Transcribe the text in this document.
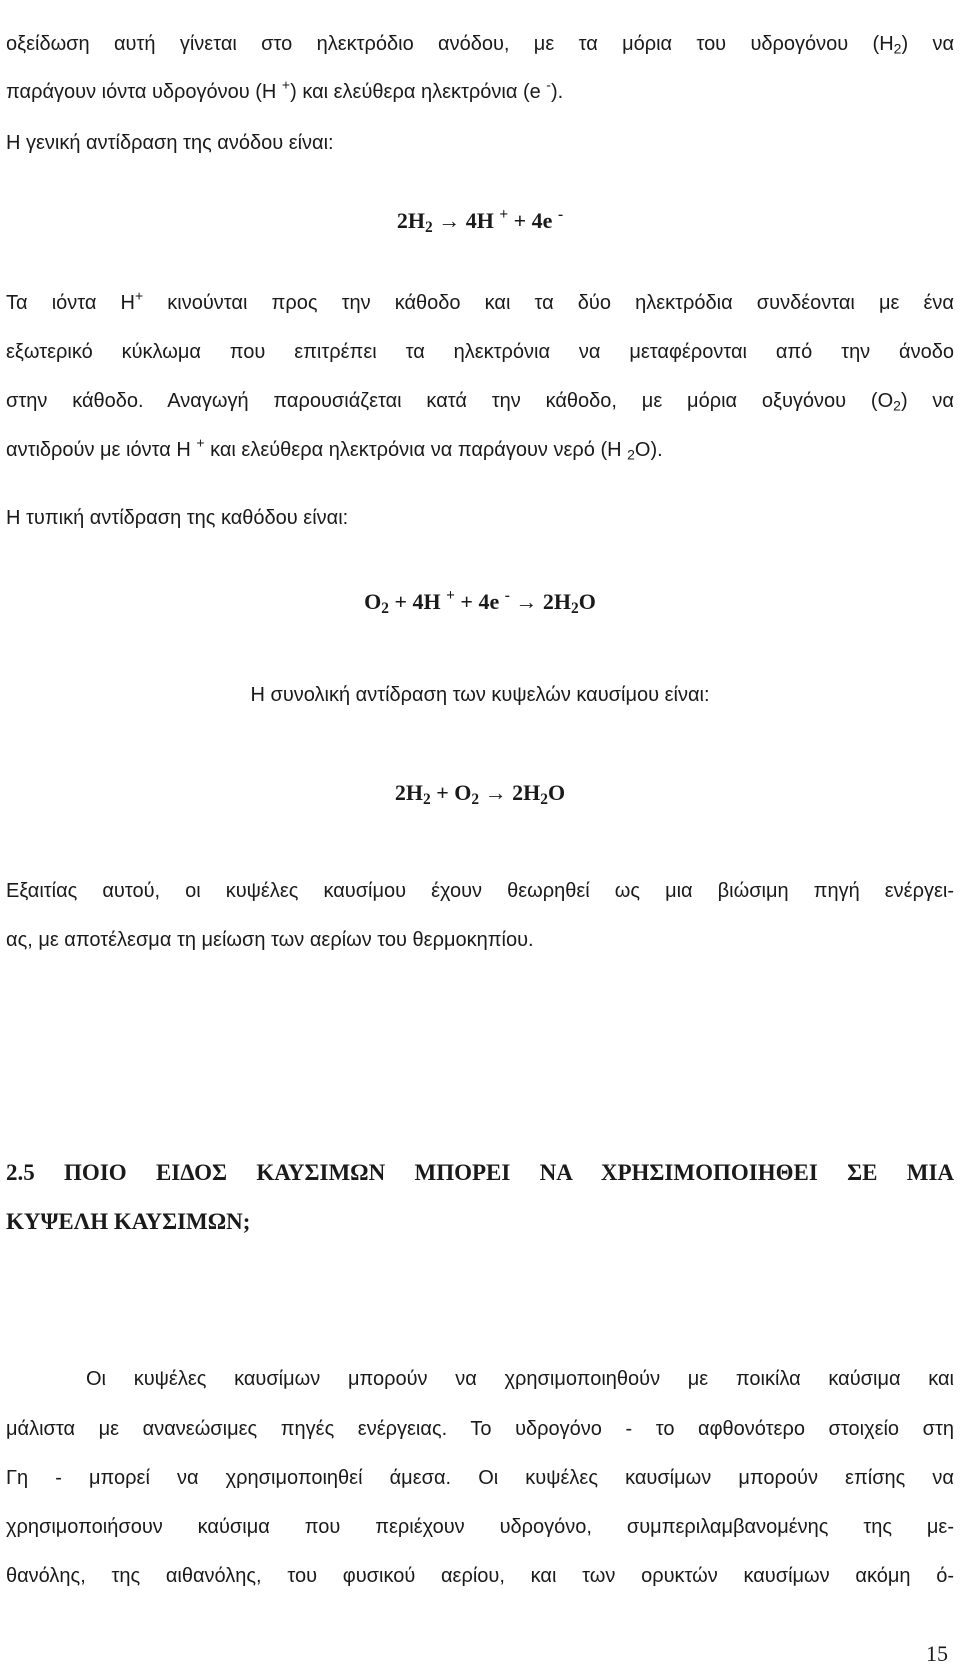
οξείδωση αυτή γίνεται στο ηλεκτρόδιο ανόδου, με τα μόρια του υδρογόνου $(H_2)$ να

παράγουν ιόντα υδρογόνου (Η +) και ελεύθερα ηλεκτρόνια (e -).

Η γενική αντίδραση της ανόδου είναι:

$2H_2 \to 4H$ + + 4e -

Τα ιόντα Η+ κινούνται προς την κάθοδο και τα δύο ηλεκτρόδια συνδέονται με ένα

εξωτερικό κύκλωμα που επιτρέπει τα ηλεκτρόνια να μεταφέρονται από την άνοδο

στην κάθοδο. Αναγωγή παρουσιάζεται κατά την κάθοδο, με μόρια οξυγόνου $(O_2)$ να

αντιδρούν με ιόντα Η + και ελεύθερα ηλεκτρόνια να παράγουν νερό (Η $_2$Ο).

Η τυπική αντίδραση της καθόδου είναι:

$O_2 + 4H$ + + 4e $^- \to 2H_2O$
Η συνολική αντίδραση των κυψελών καυσίμου είναι:
$2H_2 + O_2 \to 2H_2O$

Εξαιτίας αυτού, οι κυψέλες καυσίμου έχουν θεωρηθεί ως μια βιώσιμη πηγή ενέργει-

ας, με αποτέλεσμα τη μείωση των αερίων του θερμοκηπίου.

2.5 ΠΟΙΟ ΕΙΔΟΣ ΚΑΥΣΙΜΩΝ ΜΠΟΡΕΙ ΝΑ ΧΡΗΣΙΜΟΠΟΙΗΘΕΙ ΣΕ ΜΙΑ
ΚΥΨΕΛΗ ΚΑΥΣΙΜΩΝ;

Οι κυψέλες καυσίμων μπορούν να χρησιμοποιηθούν με ποικίλα καύσιμα και

μάλιστα με ανανεώσιμες πηγές ενέργειας. Το υδρογόνο - το αφθονότερο στοιχείο στη

Γη - μπορεί να χρησιμοποιηθεί άμεσα. Οι κυψέλες καυσίμων μπορούν επίσης να

χρησιμοποιήσουν καύσιμα που περιέχουν υδρογόνο, συμπεριλαμβανομένης της με-

θανόλης, της αιθανόλης, του φυσικού αερίου, και των ορυκτών καυσίμων ακόμη ό-

15
